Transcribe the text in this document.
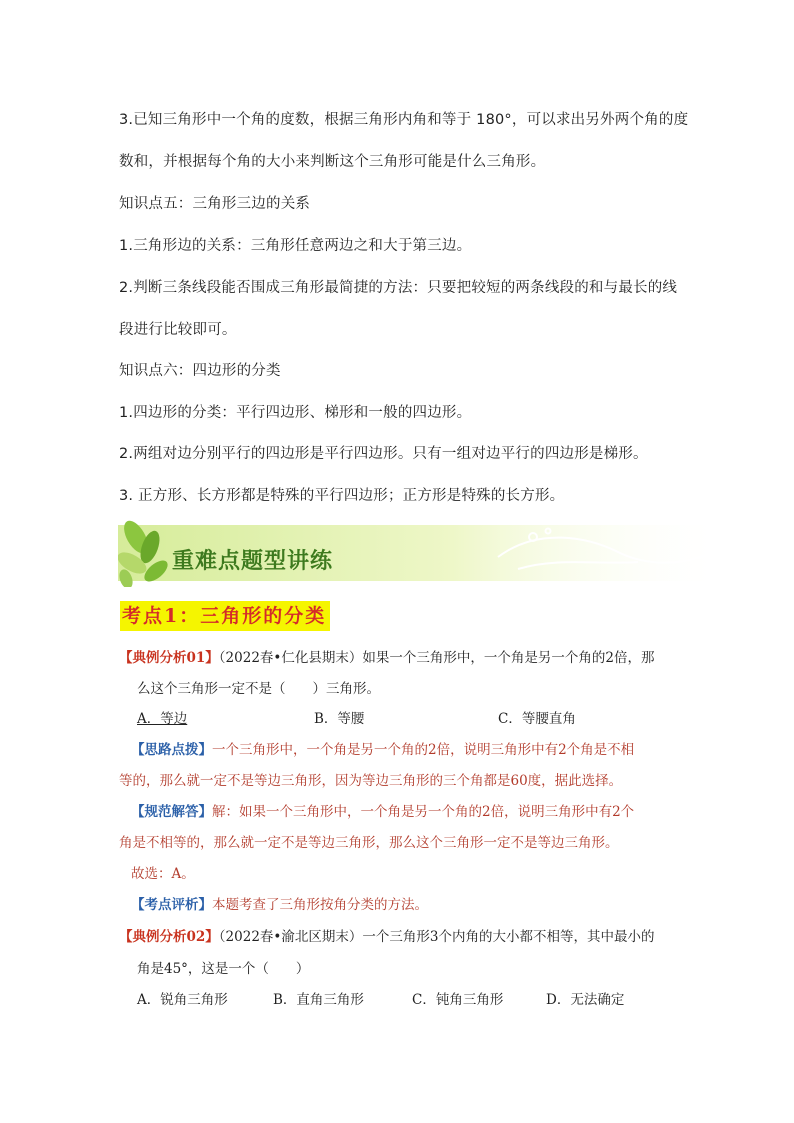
3.已知三角形中一个角的度数，根据三角形内角和等于 180°，可以求出另外两个角的度
数和，并根据每个角的大小来判断这个三角形可能是什么三角形。
知识点五：三角形三边的关系
1.三角形边的关系：三角形任意两边之和大于第三边。
2.判断三条线段能否围成三角形最简捷的方法：只要把较短的两条线段的和与最长的线
段进行比较即可。
知识点六：四边形的分类
1.四边形的分类：平行四边形、梯形和一般的四边形。
2.两组对边分别平行的四边形是平行四边形。只有一组对边平行的四边形是梯形。
3. 正方形、长方形都是特殊的平行四边形；正方形是特殊的长方形。
重难点题型讲练
考点1：三角形的分类
【典例分析01】（2022春•仁化县期末）如果一个三角形中，一个角是另一个角的2倍，那
么这个三角形一定不是（　　）三角形。
A．等边	B．等腰	C．等腰直角
【思路点拨】一个三角形中，一个角是另一个角的2倍，说明三角形中有2个角是不相
等的，那么就一定不是等边三角形，因为等边三角形的三个角都是60度，据此选择。
【规范解答】解：如果一个三角形中，一个角是另一个角的2倍，说明三角形中有2个
角是不相等的，那么就一定不是等边三角形，那么这个三角形一定不是等边三角形。
故选：A。
【考点评析】本题考查了三角形按角分类的方法。
【典例分析02】（2022春•渝北区期末）一个三角形3个内角的大小都不相等，其中最小的
角是45°，这是一个（　　）
A．锐角三角形	B．直角三角形	C．钝角三角形	D．无法确定
